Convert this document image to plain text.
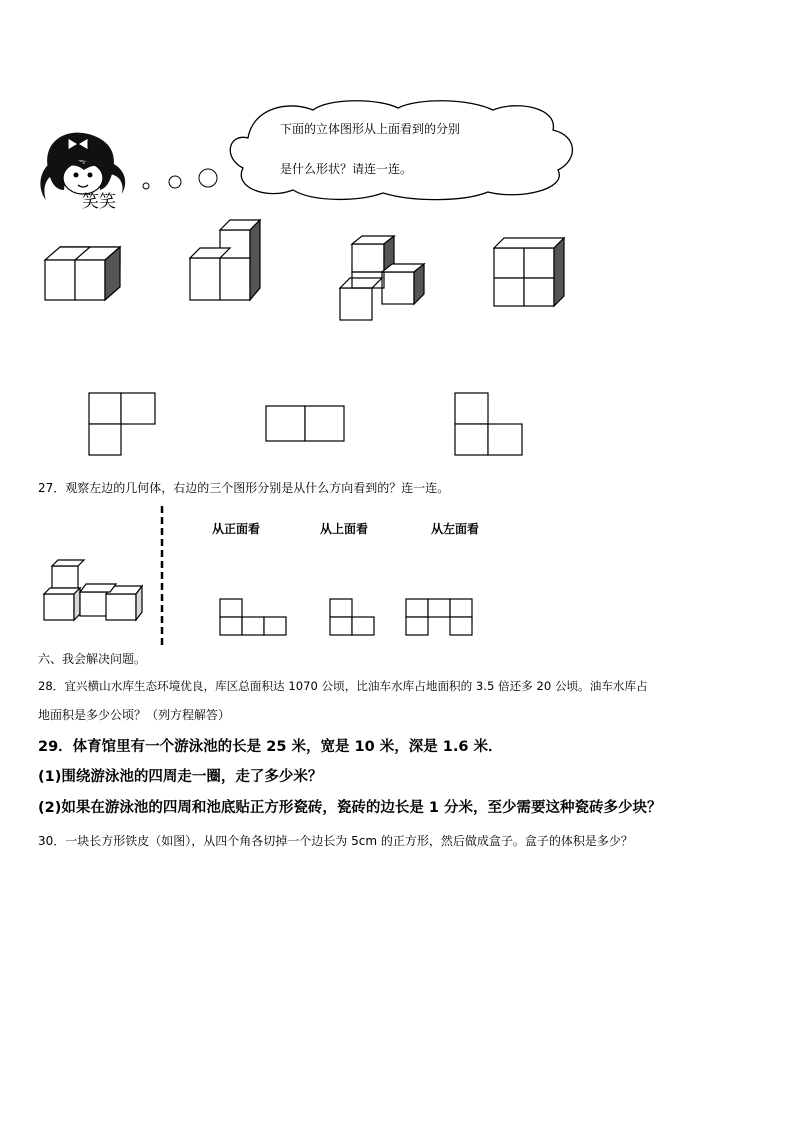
笑笑
下面的立体图形从上面看到的分别
是什么形状？请连一连。
27．观察左边的几何体，右边的三个图形分别是从什么方向看到的？连一连。
从正面看	从上面看	从左面看
六、我会解决问题。
28．宜兴横山水库生态环境优良，库区总面积达 1070 公顷，比油车水库占地面积的 3.5 倍还多 20 公顷。油车水库占
地面积是多少公顷？（列方程解答）
29．体育馆里有一个游泳池的长是 25 米，宽是 10 米，深是 1.6 米．
(1)围绕游泳池的四周走一圈，走了多少米？
(2)如果在游泳池的四周和池底贴正方形瓷砖，瓷砖的边长是 1 分米，至少需要这种瓷砖多少块？
30．一块长方形铁皮（如图），从四个角各切掉一个边长为 5cm 的正方形，然后做成盒子。盒子的体积是多少？
